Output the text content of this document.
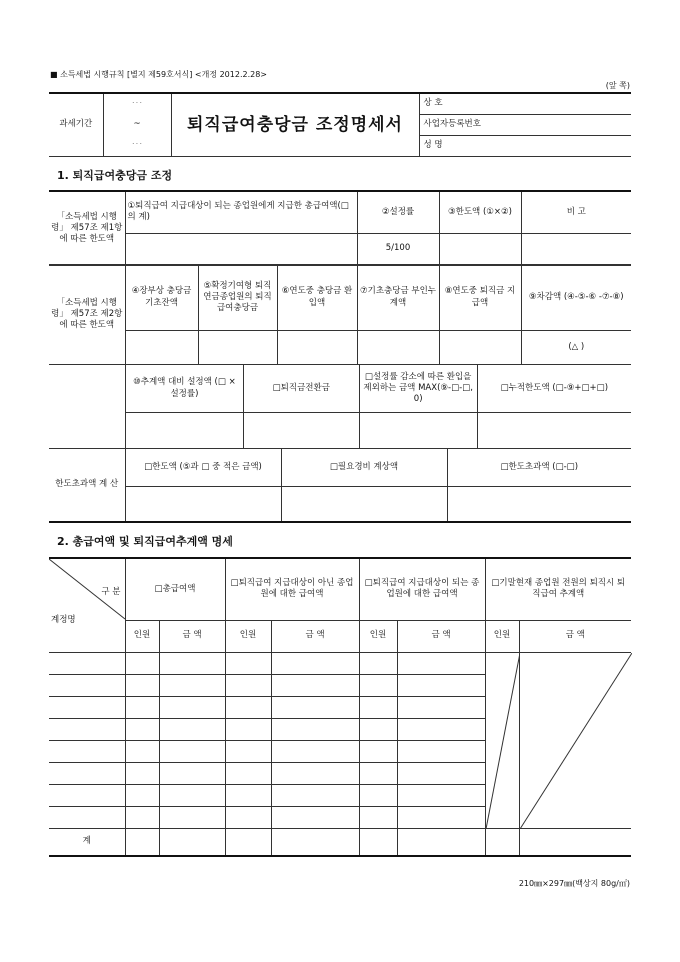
■ 소득세법 시행규칙 [별지 제59호서식] <개정 2012.2.28>
(앞 쪽)
과세기간	· · ·	퇴직급여충당금 조정명세서	상 호
	~		사업자등록번호
	· · ·		성 명
1. 퇴직급여충당금 조정
「소득세법 시행령」 제57조 제1항에 따른 한도액	①퇴직급여 지급대상이 되는 종업원에게 지급한 총급여액(□의 계)	②설정률	③한도액 (①×②)	비 고
		5/100		
「소득세법 시행령」 제57조 제2항에 따른 한도액	④장부상 충당금 기초잔액	⑤확정기여형 퇴직연금종업원의 퇴직급여충당금	⑥연도중 충당금 환입액	⑦기초충당금 부인누계액	⑧연도중 퇴직금 지급액	⑨차감액 (④-⑤-⑥ -⑦-⑧)
						(△ )
⑩추계액 대비 설정액 (□ × 설정률)	□퇴직금전환금	□설정률 감소에 따른 환입을 제외하는 금액 MAX(⑨-□-□, 0)	□누적한도액 (□-⑨+□+□)

한도초과액 계 산	□한도액 (⑤과 □ 중 적은 금액)	□필요경비 계상액	□한도초과액 (□-□)

2. 총급여액 및 퇴직급여추계액 명세
구 분
계정명	□총급여액		□퇴직급여 지급대상이 아닌 종업원에 대한 급여액		□퇴직급여 지급대상이 되는 종업원에 대한 급여액		□기말현재 종업원 전원의 퇴직시 퇴직급여 추계액	
	인원	금 액	인원	금 액	인원	금 액	인원	금 액

계								
210㎜×297㎜(백상지 80g/㎡)
